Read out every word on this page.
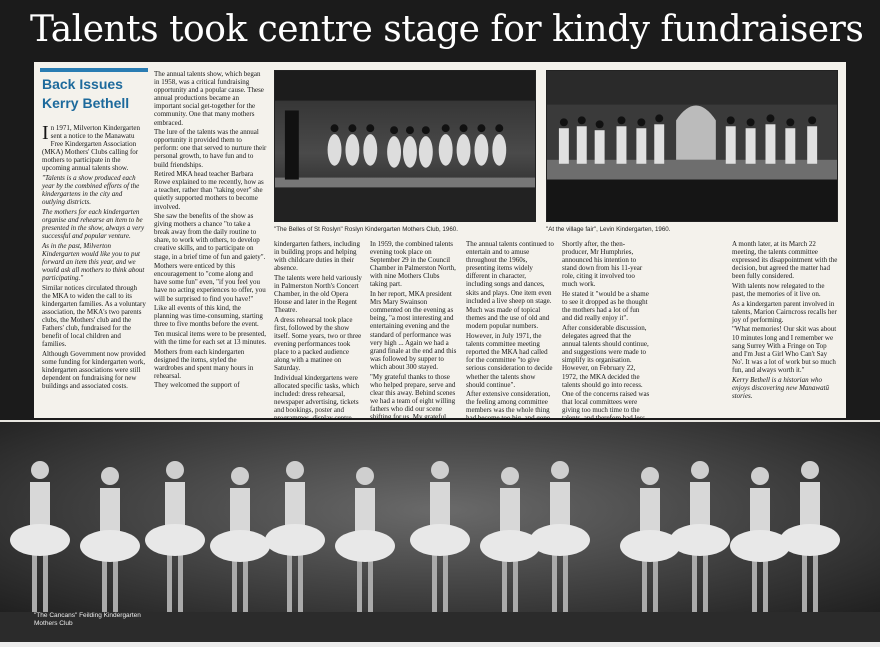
Talents took centre stage for kindy fundraisers
Back Issues
Kerry Bethell

In 1971, Milverton Kindergarten sent a notice to the Manawatu Free Kindergarten Association (MKA) Mothers' Clubs calling for mothers to participate in the upcoming annual talents show.

"Talents is a show produced each year by the combined efforts of the kindergartens in the city and outlying districts.

The mothers for each kindergarten organise and rehearse an item to be presented in the show, always a very successful and popular venture.

As in the past, Milverton Kindergarten would like you to put forward an item this year, and we would ask all mothers to think about participating."

Similar notices circulated through the MKA to widen the call to its kindergarten families. As a voluntary association, the MKA's two parents clubs, the Mothers' club and the Fathers' club, fundraised for the benefit of local children and families.

Although Government now provided some funding for kindergarten work, kindergarten associations were still dependent on fundraising for new buildings and associated costs.

The annual talents show, which began in 1958, was a critical fundraising opportunity and a popular cause. These annual productions became an important social get-together for the community. One that many mothers embraced.

The lure of the talents was the annual opportunity it provided them to perform: one that served to nurture their personal growth, to have fun and to build friendships.

Retired MKA head teacher Barbara Rowe explained to me recently, how as a teacher, rather than "taking over" she quietly supported mothers to become involved.

She saw the benefits of the show as giving mothers a chance "to take a break away from the daily routine to share, to work with others, to develop creative skills, and to participate on stage, in a brief time of fun and gaiety".

Mothers were enticed by this encouragement to "come along and have some fun" even, "if you feel you have no acting experiences to offer, you will be surprised to find you have!"

Like all events of this kind, the planning was time-consuming, starting three to five months before the event.

Ten musical items were to be presented, with the time for each set at 13 minutes.

Mothers from each kindergarten designed the items, styled the wardrobes and spent many hours in rehearsal.

They welcomed the support of

"The Belles of St Roslyn" Roslyn Kindergarten Mothers Club, 1960.	"At the village fair", Levin Kindergarten, 1960.

kindergarten fathers, including in building props and helping with childcare duties in their absence.

The talents were held variously in Palmerston North's Concert Chamber, in the old Opera House and later in the Regent Theatre.

A dress rehearsal took place first, followed by the show itself. Some years, two or three evening performances took place to a packed audience along with a matinee on Saturday.

Individual kindergartens were allocated specific tasks, which included: dress rehearsal, newspaper advertising, tickets and bookings, poster and programmes, display centre

In 1959, the combined talents evening took place on September 29 in the Council Chamber in Palmerston North, with nine Mothers Clubs taking part.

In her report, MKA president Mrs Mary Swainson commented on the evening as being, "a most interesting and entertaining evening and the standard of performance was very high ... Again we had a grand finale at the end and this was followed by supper to which about 300 stayed.

"My grateful thanks to those who helped prepare, serve and clear this away. Behind scenes we had a team of eight willing fathers who did our scene shifting for us. My grateful

The annual talents continued to entertain and to amuse throughout the 1960s, presenting items widely different in character, including songs and dances, skits and plays. One item even included a live sheep on stage.

Much was made of topical themes and the use of old and modern popular numbers.

However, in July 1971, the talents committee meeting reported the MKA had called for the committee "to give serious consideration to decide whether the talents show should continue".

After extensive consideration, the feeling among committee members was the whole thing had become too big, and gone

Shortly after, the then-producer, Mr Humphries, announced his intention to stand down from his 11-year role, citing it involved too much work.

He stated it "would be a shame to see it dropped as he thought the mothers had a lot of fun and did really enjoy it".

After considerable discussion, delegates agreed that the annual talents should continue, and suggestions were made to simplify its organisation. However, on February 22, 1972, the MKA decided the talents should go into recess.

One of the concerns raised was that local committees were giving too much time to the talents, and therefore had less

A month later, at its March 22 meeting, the talents committee expressed its disappointment with the decision, but agreed the matter had been fully considered.

With talents now relegated to the past, the memories of it live on.

As a kindergarten parent involved in talents, Marion Cairncross recalls her joy of performing.

"What memories! Our skit was about 10 minutes long and I remember we sang Surrey With a Fringe on Top and I'm Just a Girl Who Can't Say No'. It was a lot of work but so much fun, and always worth it."

Kerry Bethell is a historian who enjoys discovering new Manawatū stories.

"The Cancans" Feilding Kindergarten Mothers Club
